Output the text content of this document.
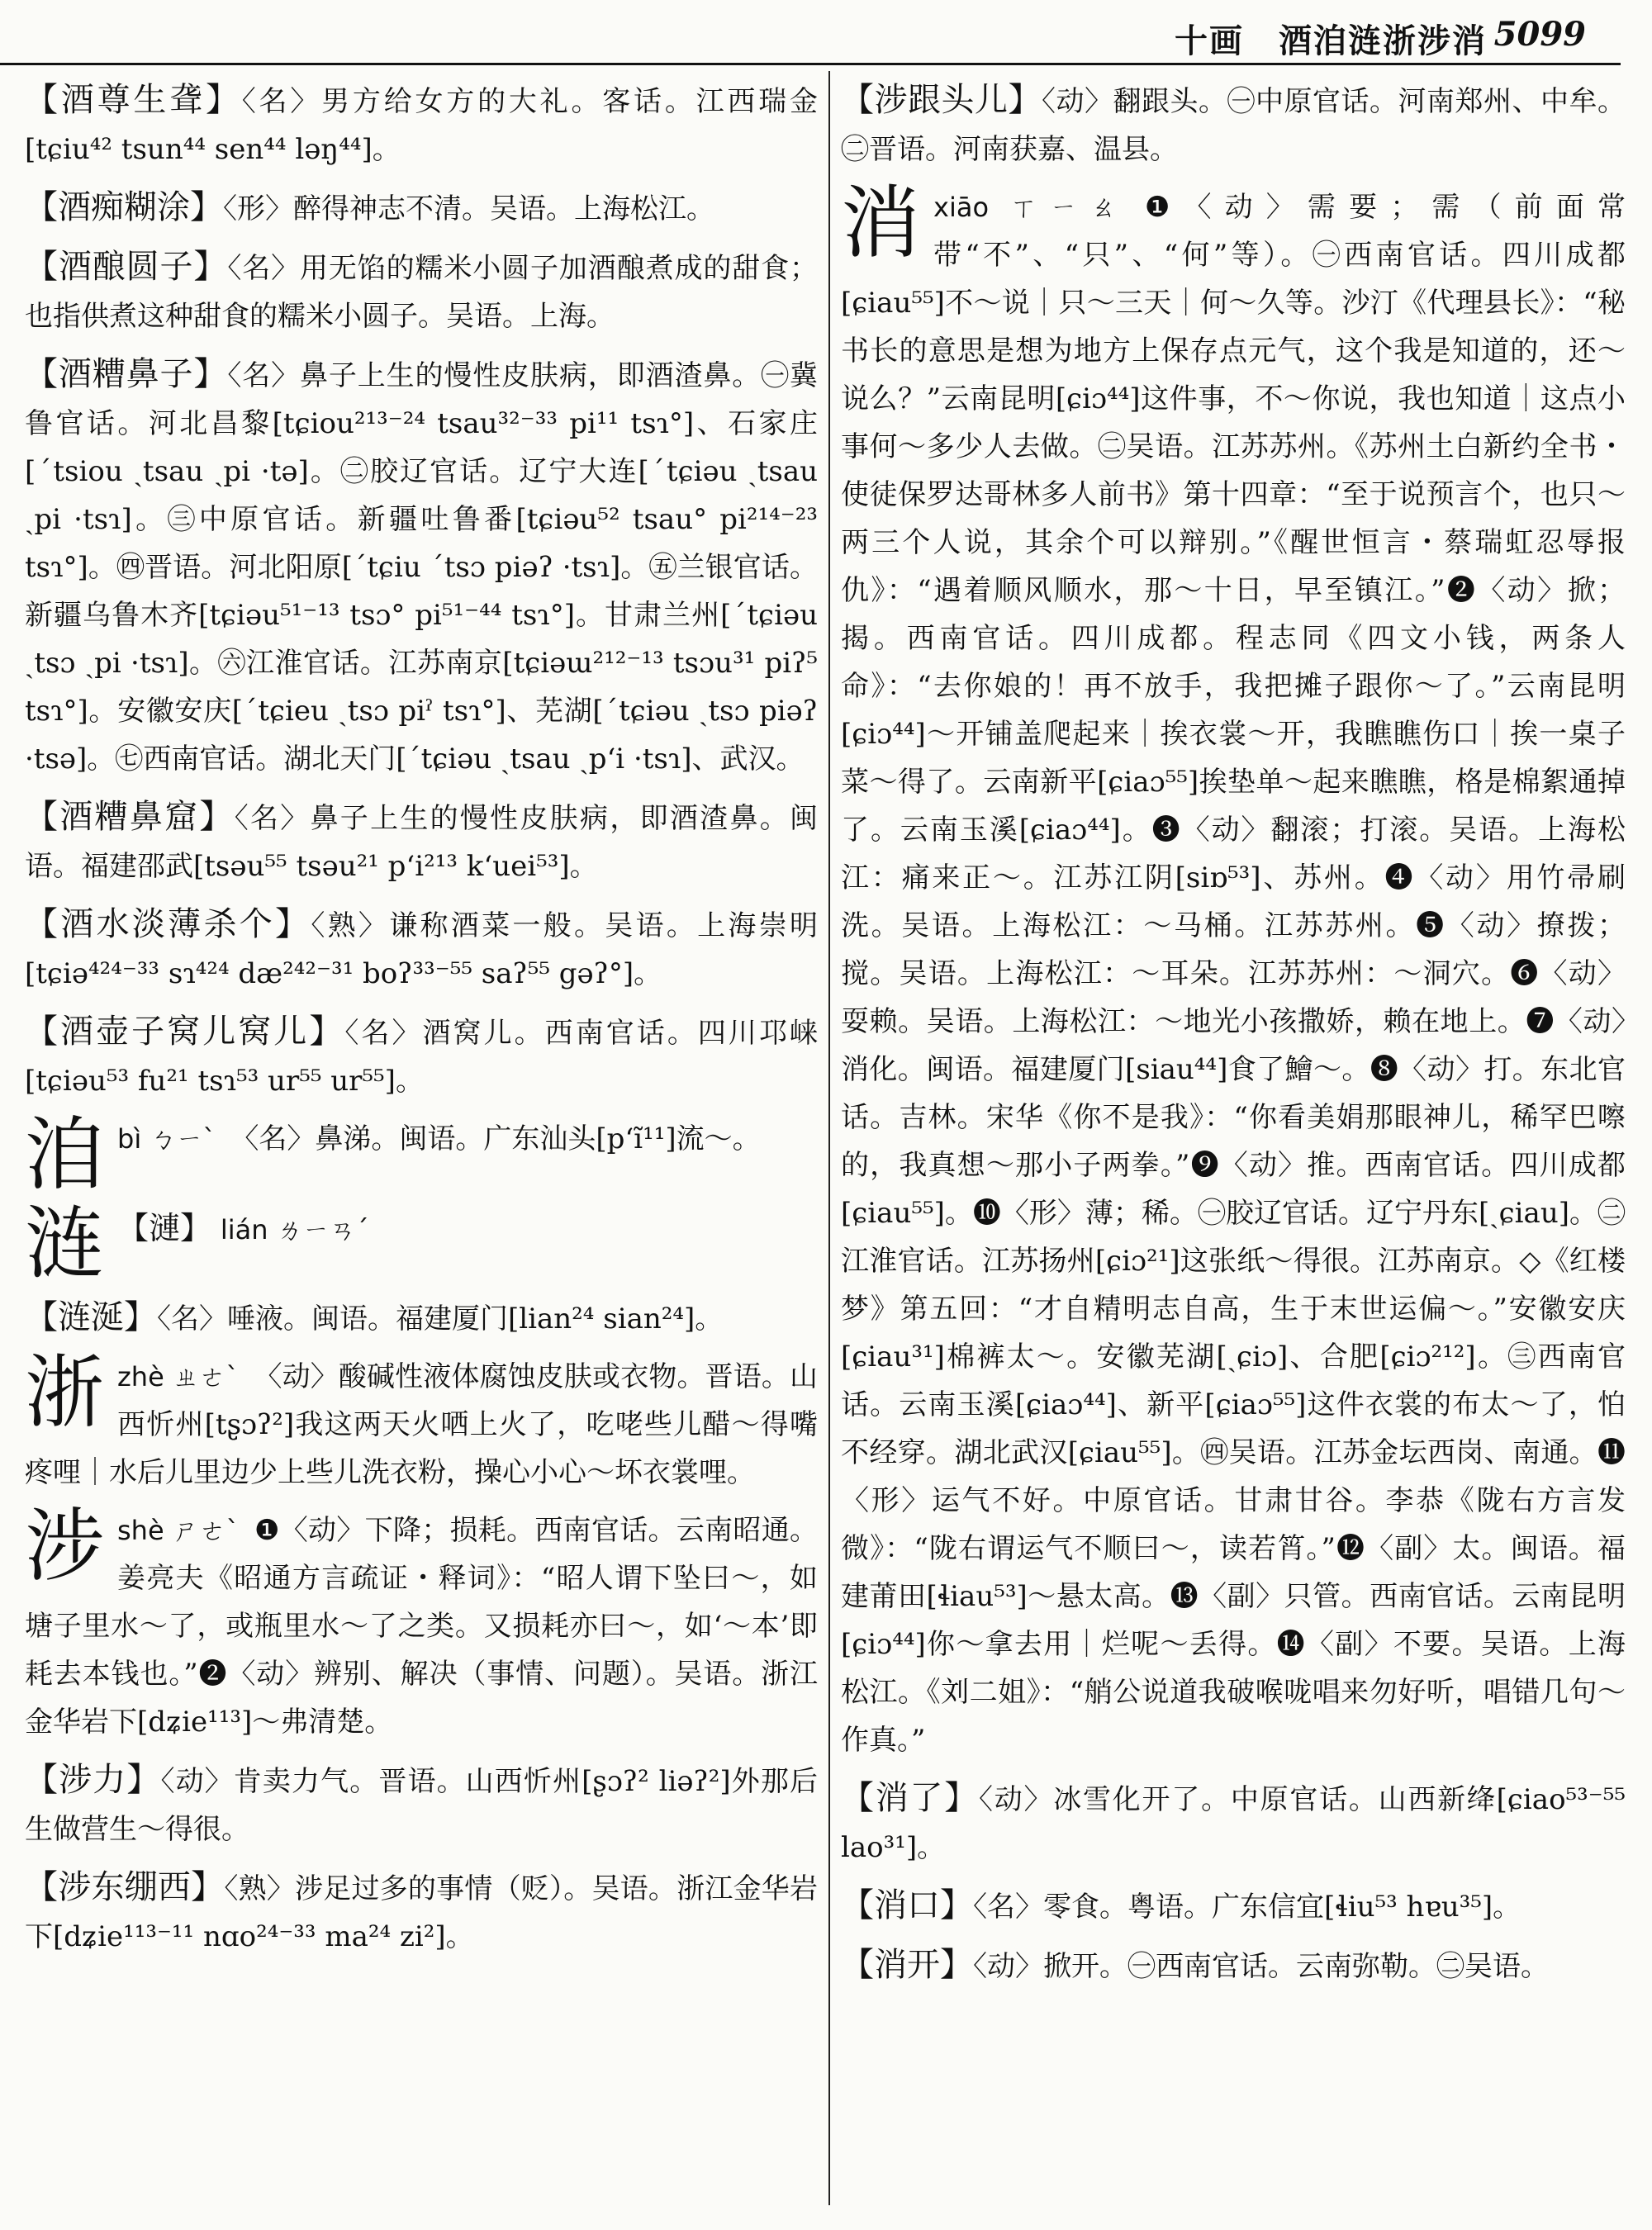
十画　酒洎涟浙涉消 5099
【酒尊生聋】〈名〉男方给女方的大礼。客话。江西瑞金[tɕiu⁴² tsun⁴⁴ sen⁴⁴ ləŋ⁴⁴]。
【酒痴糊涂】〈形〉醉得神志不清。吴语。上海松江。
【酒酿圆子】〈名〉用无馅的糯米小圆子加酒酿煮成的甜食；也指供煮这种甜食的糯米小圆子。吴语。上海。
【酒糟鼻子】〈名〉鼻子上生的慢性皮肤病，即酒渣鼻。㊀冀鲁官话。河北昌黎[tɕiou²¹³⁻²⁴ tsau³²⁻³³ pi¹¹ tsɿ°]、石家庄[ˊtsiou ˏtsau ˏpi ·tə]。㊁胶辽官话。辽宁大连[ˊtɕiəu ˏtsau ˏpi ·tsɿ]。㊂中原官话。新疆吐鲁番[tɕiəu⁵² tsau° pi²¹⁴⁻²³ tsɿ°]。㊃晋语。河北阳原[ˊtɕiu ˊtsɔ piəʔ ·tsɿ]。㊄兰银官话。新疆乌鲁木齐[tɕiəu⁵¹⁻¹³ tsɔ° pi⁵¹⁻⁴⁴ tsɿ°]。甘肃兰州[ˊtɕiəu ˏtsɔ ˏpi ·tsɿ]。㊅江淮官话。江苏南京[tɕiəɯ²¹²⁻¹³ tsɔu³¹ piʔ⁵ tsɿ°]。安徽安庆[ˊtɕieu ˏtsɔ piˀ tsɿ°]、芜湖[ˊtɕiəu ˏtsɔ piəʔ ·tsə]。㊆西南官话。湖北天门[ˊtɕiəu ˏtsau ˏpʻi ·tsɿ]、武汉。
【酒糟鼻窟】〈名〉鼻子上生的慢性皮肤病，即酒渣鼻。闽语。福建邵武[tsəu⁵⁵ tsəu²¹ pʻi²¹³ kʻuei⁵³]。
【酒水淡薄杀个】〈熟〉谦称酒菜一般。吴语。上海崇明[tɕiə⁴²⁴⁻³³ sɿ⁴²⁴ dæ²⁴²⁻³¹ boʔ³³⁻⁵⁵ saʔ⁵⁵ gəʔ°]。
【酒壶子窝儿窝儿】〈名〉酒窝儿。西南官话。四川邛崃[tɕiəu⁵³ fu²¹ tsɿ⁵³ ur⁵⁵ ur⁵⁵]。
洎 bì ㄅㄧˋ 〈名〉鼻涕。闽语。广东汕头[pʻĩ¹¹]流～。
涟 【漣】 lián ㄌㄧㄢˊ
【涟涎】〈名〉唾液。闽语。福建厦门[lian²⁴ sian²⁴]。
浙 zhè ㄓㄜˋ 〈动〉酸碱性液体腐蚀皮肤或衣物。晋语。山西忻州[tʂɔʔ²]我这两天火哂上火了，吃咾些儿醋～得嘴疼哩｜水后儿里边少上些儿洗衣粉，操心小心～坏衣裳哩。
涉 shè ㄕㄜˋ ❶〈动〉下降；损耗。西南官话。云南昭通。姜亮夫《昭通方言疏证・释词》：“昭人谓下坠曰～，如塘子里水～了，或瓶里水～了之类。又损耗亦曰～，如‘～本’即耗去本钱也。”❷〈动〉辨别、解决（事情、问题）。吴语。浙江金华岩下[dʑie¹¹³]～弗清楚。
【涉力】〈动〉肯卖力气。晋语。山西忻州[ʂɔʔ² liəʔ²]外那后生做营生～得很。
【涉东绷西】〈熟〉涉足过多的事情（贬）。吴语。浙江金华岩下[dʑie¹¹³⁻¹¹ nɑo²⁴⁻³³ ma²⁴ zi²]。
【涉跟头儿】〈动〉翻跟头。㊀中原官话。河南郑州、中牟。㊁晋语。河南获嘉、温县。
消 xiāo ㄒㄧㄠ ❶〈动〉需要；需（前面常带“不”、“只”、“何”等）。㊀西南官话。四川成都[ɕiau⁵⁵]不～说｜只～三天｜何～久等。沙汀《代理县长》：“秘书长的意思是想为地方上保存点元气，这个我是知道的，还～说么？”云南昆明[ɕiɔ⁴⁴]这件事，不～你说，我也知道｜这点小事何～多少人去做。㊁吴语。江苏苏州。《苏州土白新约全书・使徒保罗达哥林多人前书》第十四章：“至于说预言个，也只～两三个人说，其余个可以辩别。”《醒世恒言・蔡瑞虹忍辱报仇》：“遇着顺风顺水，那～十日，早至镇江。”❷〈动〉掀；揭。西南官话。四川成都。程志同《四文小钱，两条人命》：“去你娘的！再不放手，我把摊子跟你～了。”云南昆明[ɕiɔ⁴⁴]～开铺盖爬起来｜挨衣裳～开，我瞧瞧伤口｜挨一桌子菜～得了。云南新平[ɕiaɔ⁵⁵]挨垫单～起来瞧瞧，格是棉絮通掉了。云南玉溪[ɕiaɔ⁴⁴]。❸〈动〉翻滚；打滚。吴语。上海松江：痛来正～。江苏江阴[siɒ⁵³]、苏州。❹〈动〉用竹帚刷洗。吴语。上海松江：～马桶。江苏苏州。❺〈动〉撩拨；搅。吴语。上海松江：～耳朵。江苏苏州：～洞穴。❻〈动〉耍赖。吴语。上海松江：～地光小孩撒娇，赖在地上。❼〈动〉消化。闽语。福建厦门[siau⁴⁴]食了鱠～。❽〈动〉打。东北官话。吉林。宋华《你不是我》：“你看美娟那眼神儿，稀罕巴嚓的，我真想～那小子两拳。”❾〈动〉推。西南官话。四川成都[ɕiau⁵⁵]。❿〈形〉薄；稀。㊀胶辽官话。辽宁丹东[ˏɕiau]。㊁江淮官话。江苏扬州[ɕiɔ²¹]这张纸～得很。江苏南京。◇《红楼梦》第五回：“才自精明志自高，生于末世运偏～。”安徽安庆[ɕiau³¹]棉裤太～。安徽芜湖[ˏɕiɔ]、合肥[ɕiɔ²¹²]。㊂西南官话。云南玉溪[ɕiaɔ⁴⁴]、新平[ɕiaɔ⁵⁵]这件衣裳的布太～了，怕不经穿。湖北武汉[ɕiau⁵⁵]。㊃吴语。江苏金坛西岗、南通。⓫〈形〉运气不好。中原官话。甘肃甘谷。李恭《陇右方言发微》：“陇右谓运气不顺曰～，读若筲。”⓬〈副〉太。闽语。福建莆田[ɬiau⁵³]～悬太高。⓭〈副〉只管。西南官话。云南昆明[ɕiɔ⁴⁴]你～拿去用｜烂呢～丢得。⓮〈副〉不要。吴语。上海松江。《刘二姐》：“艄公说道我破喉咙唱来勿好听，唱错几句～作真。”
【消了】〈动〉冰雪化开了。中原官话。山西新绛[ɕiao⁵³⁻⁵⁵ lao³¹]。
【消口】〈名〉零食。粤语。广东信宜[ɬiu⁵³ hɐu³⁵]。
【消开】〈动〉掀开。㊀西南官话。云南弥勒。㊁吴语。
